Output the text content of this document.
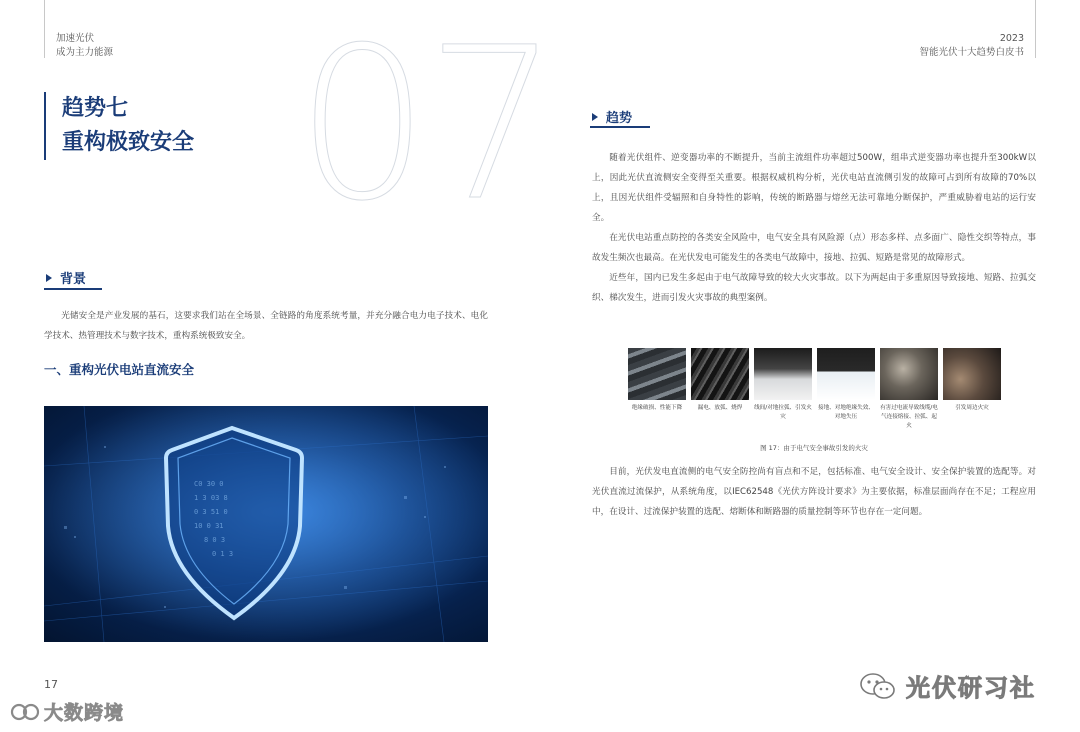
加速光伏
成为主力能源
2023
智能光伏十大趋势白皮书
07
趋势七
重构极致安全
背景

光储安全是产业发展的基石，这要求我们站在全场景、全链路的角度系统考量，并充分融合电力电子技术、电化学技术、热管理技术与数字技术，重构系统极致安全。

一、重构光伏电站直流安全
C0 30 0
1 3 03 8
0 3 51 0
10 0 31
8 0 3
0 1 3
17
趋势

随着光伏组件、逆变器功率的不断提升，当前主流组件功率超过500W，组串式逆变器功率也提升至300kW以上，因此光伏直流侧安全变得至关重要。根据权威机构分析，光伏电站直流侧引发的故障可占到所有故障的70%以上，且因光伏组件受辐照和自身特性的影响，传统的断路器与熔丝无法可靠地分断保护，严重威胁着电站的运行安全。

在光伏电站重点防控的各类安全风险中，电气安全具有风险源（点）形态多样、点多面广、隐性交织等特点，事故发生频次也最高。在光伏发电可能发生的各类电气故障中，接地、拉弧、短路是常见的故障形式。

近些年，国内已发生多起由于电气故障导致的较大火灾事故。以下为两起由于多重原因导致接地、短路、拉弧交织、梯次发生，进而引发火灾事故的典型案例。

绝缘破损、性能下降	漏电、放弧、烧焊	线间/对地拉弧、引发火灾
接地、对地绝缘失效、对地失压
有害过电流导致线缆/电气连接熔接、拉弧、起火
引发周边火灾
图 17：由于电气安全事故引发的火灾

目前，光伏发电直流侧的电气安全防控尚有盲点和不足，包括标准、电气安全设计、安全保护装置的选配等。对光伏直流过流保护，从系统角度，以IEC62548《光伏方阵设计要求》为主要依据，标准层面尚存在不足；工程应用中，在设计、过流保护装置的选配、熔断体和断路器的质量控制等环节也存在一定问题。

大数跨境
光伏研习社
